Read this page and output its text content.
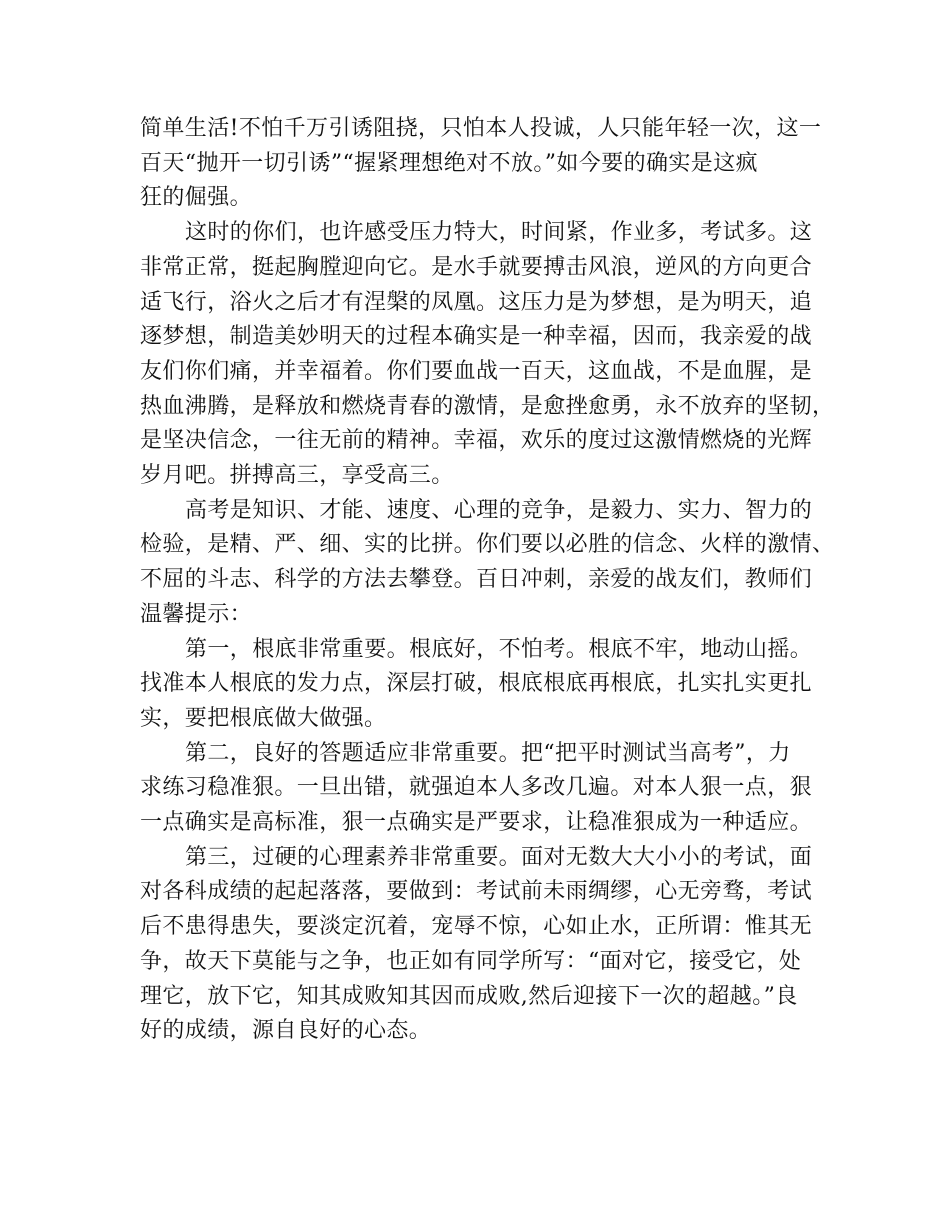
简单生活!不怕千万引诱阻挠，只怕本人投诚，人只能年轻一次，这一
百天“抛开一切引诱”“握紧理想绝对不放。”如今要的确实是这疯
狂的倔强。

这时的你们，也许感受压力特大，时间紧，作业多，考试多。这
非常正常，挺起胸膛迎向它。是水手就要搏击风浪，逆风的方向更合
适飞行，浴火之后才有涅槃的凤凰。这压力是为梦想，是为明天，追
逐梦想，制造美妙明天的过程本确实是一种幸福，因而，我亲爱的战
友们你们痛，并幸福着。你们要血战一百天，这血战，不是血腥，是
热血沸腾，是释放和燃烧青春的激情，是愈挫愈勇，永不放弃的坚韧，
是坚决信念，一往无前的精神。幸福，欢乐的度过这激情燃烧的光辉
岁月吧。拼搏高三，享受高三。

高考是知识、才能、速度、心理的竞争，是毅力、实力、智力的
检验，是精、严、细、实的比拼。你们要以必胜的信念、火样的激情、
不屈的斗志、科学的方法去攀登。百日冲刺，亲爱的战友们，教师们
温馨提示：

第一，根底非常重要。根底好，不怕考。根底不牢，地动山摇。
找准本人根底的发力点，深层打破，根底根底再根底，扎实扎实更扎
实，要把根底做大做强。

第二，良好的答题适应非常重要。把“把平时测试当高考”，力
求练习稳准狠。一旦出错，就强迫本人多改几遍。对本人狠一点，狠
一点确实是高标准，狠一点确实是严要求，让稳准狠成为一种适应。

第三，过硬的心理素养非常重要。面对无数大大小小的考试，面
对各科成绩的起起落落，要做到：考试前未雨绸缪，心无旁骛，考试
后不患得患失，要淡定沉着，宠辱不惊，心如止水，正所谓：惟其无
争，故天下莫能与之争，也正如有同学所写：“面对它，接受它，处
理它，放下它，知其成败知其因而成败,然后迎接下一次的超越。”良
好的成绩，源自良好的心态。
